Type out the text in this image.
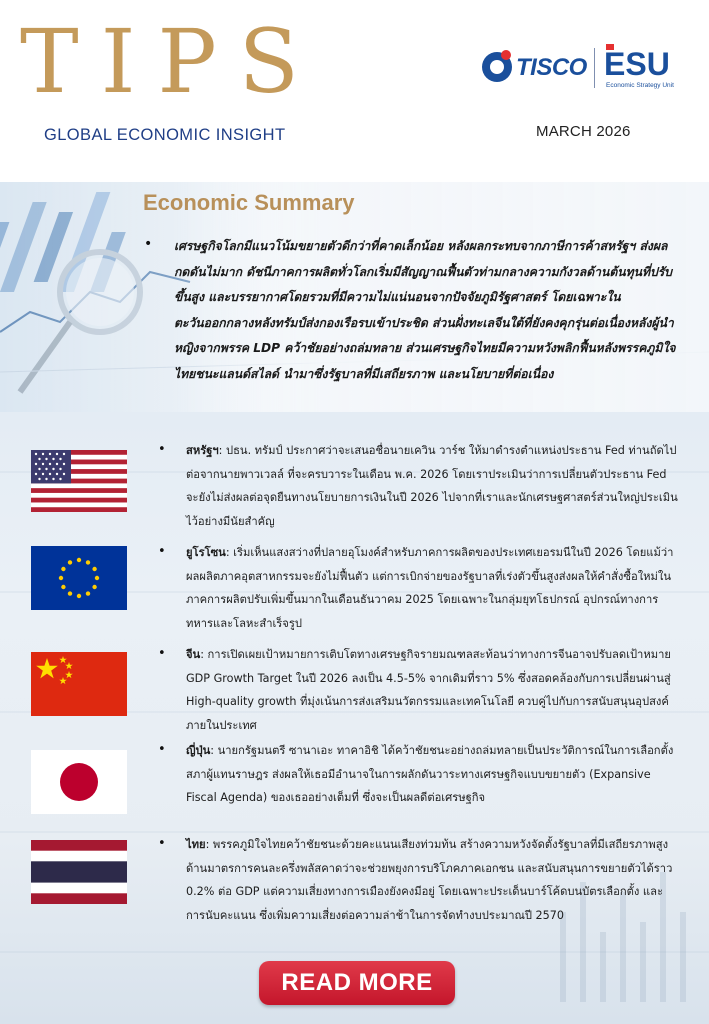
TIPS
GLOBAL ECONOMIC INSIGHT
TISCO ESU
Economic Strategy Unit
MARCH 2026
Economic Summary
• เศรษฐกิจโลกมีแนวโน้มขยายตัวดีกว่าที่คาดเล็กน้อย หลังผลกระทบจากภาษีการค้าสหรัฐฯ ส่งผลกดดันไม่มาก ดัชนีภาคการผลิตทั่วโลกเริ่มมีสัญญาณฟื้นตัวท่ามกลางความกังวลด้านต้นทุนที่ปรับขึ้นสูง และบรรยากาศโดยรวมที่มีความไม่แน่นอนจากปัจจัยภูมิรัฐศาสตร์ โดยเฉพาะในตะวันออกกลางหลังทรัมป์ส่งกองเรือรบเข้าประชิด ส่วนฝั่งทะเลจีนใต้ที่ยังคงคุกรุ่นต่อเนื่องหลังผู้นำหญิงจากพรรค LDP คว้าชัยอย่างถล่มทลาย ส่วนเศรษฐกิจไทยมีความหวังพลิกฟื้นหลังพรรคภูมิใจไทยชนะแลนด์สไลด์ นำมาซึ่งรัฐบาลที่มีเสถียรภาพ และนโยบายที่ต่อเนื่อง
• สหรัฐฯ: ปธน. ทรัมป์ ประกาศว่าจะเสนอชื่อนายเควิน วาร์ช ให้มาดำรงตำแหน่งประธาน Fed ท่านถัดไปต่อจากนายพาวเวลล์ ที่จะครบวาระในเดือน พ.ค. 2026 โดยเราประเมินว่าการเปลี่ยนตัวประธาน Fed จะยังไม่ส่งผลต่อจุดยืนทางนโยบายการเงินในปี 2026 ไปจากที่เราและนักเศรษฐศาสตร์ส่วนใหญ่ประเมินไว้อย่างมีนัยสำคัญ
• ยูโรโซน: เริ่มเห็นแสงสว่างที่ปลายอุโมงค์สำหรับภาคการผลิตของประเทศเยอรมนีในปี 2026 โดยแม้ว่าผลผลิตภาคอุตสาหกรรมจะยังไม่ฟื้นตัว แต่การเบิกจ่ายของรัฐบาลที่เร่งตัวขึ้นสูงส่งผลให้คำสั่งซื้อใหม่ในภาคการผลิตปรับเพิ่มขึ้นมากในเดือนธันวาคม 2025 โดยเฉพาะในกลุ่มยุทโธปกรณ์ อุปกรณ์ทางการทหารและโลหะสำเร็จรูป
• จีน: การเปิดเผยเป้าหมายการเติบโตทางเศรษฐกิจรายมณฑลสะท้อนว่าทางการจีนอาจปรับลดเป้าหมาย GDP Growth Target ในปี 2026 ลงเป็น 4.5-5% จากเดิมที่ราว 5% ซึ่งสอดคล้องกับการเปลี่ยนผ่านสู่ High-quality growth ที่มุ่งเน้นการส่งเสริมนวัตกรรมและเทคโนโลยี ควบคู่ไปกับการสนับสนุนอุปสงค์ภายในประเทศ
• ญี่ปุ่น: นายกรัฐมนตรี ซานาเอะ ทาคาอิชิ ได้คว้าชัยชนะอย่างถล่มทลายเป็นประวัติการณ์ในการเลือกตั้งสภาผู้แทนราษฎร ส่งผลให้เธอมีอำนาจในการผลักดันวาระทางเศรษฐกิจแบบขยายตัว (Expansive Fiscal Agenda) ของเธออย่างเต็มที่ ซึ่งจะเป็นผลดีต่อเศรษฐกิจ
• ไทย: พรรคภูมิใจไทยคว้าชัยชนะด้วยคะแนนเสียงท่วมท้น สร้างความหวังจัดตั้งรัฐบาลที่มีเสถียรภาพสูง ด้านมาตรการคนละครึ่งพลัสคาดว่าจะช่วยพยุงการบริโภคภาคเอกชน และสนับสนุนการขยายตัวได้ราว 0.2% ต่อ GDP แต่ความเสี่ยงทางการเมืองยังคงมีอยู่ โดยเฉพาะประเด็นบาร์โค้ดบนบัตรเลือกตั้ง และการนับคะแนน ซึ่งเพิ่มความเสี่ยงต่อความล่าช้าในการจัดทำงบประมาณปี 2570
READ MORE
